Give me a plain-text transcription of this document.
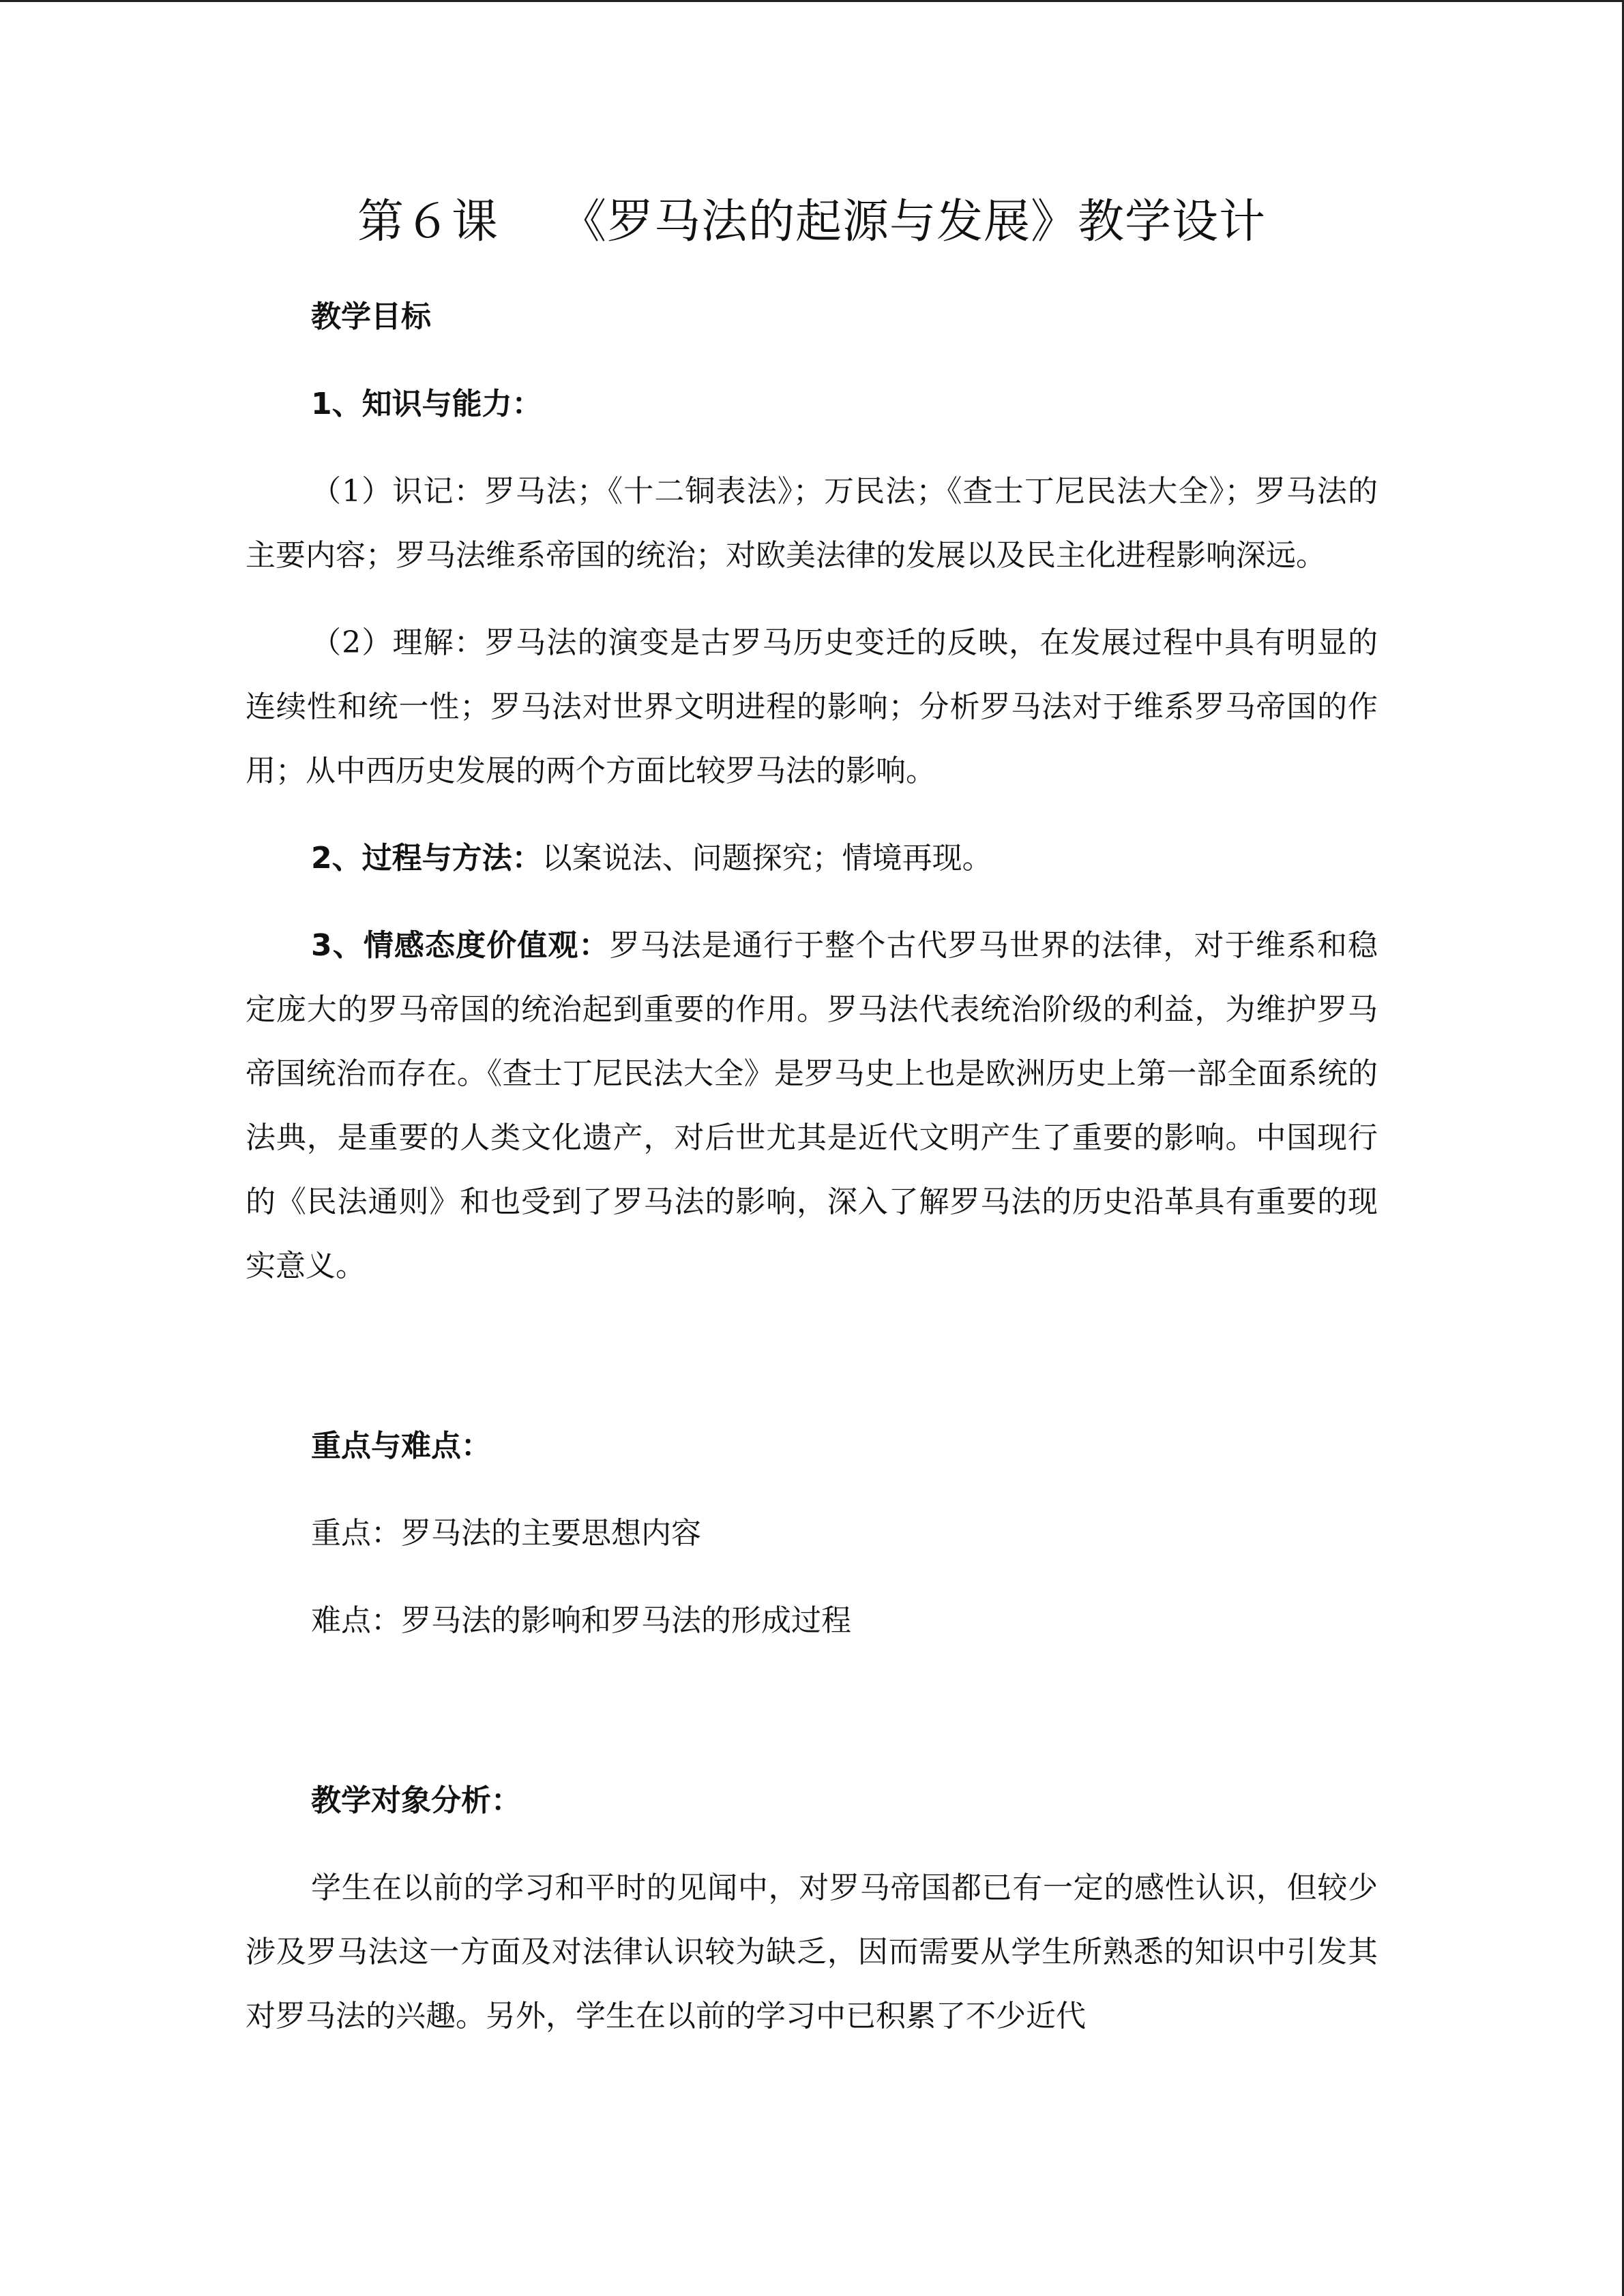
第６课 《罗马法的起源与发展》教学设计

教学目标

1、知识与能力：

（1）识记：罗马法；《十二铜表法》；万民法；《查士丁尼民法大全》；罗马法的主要内容；罗马法维系帝国的统治；对欧美法律的发展以及民主化进程影响深远。

（2）理解：罗马法的演变是古罗马历史变迁的反映，在发展过程中具有明显的连续性和统一性；罗马法对世界文明进程的影响；分析罗马法对于维系罗马帝国的作用；从中西历史发展的两个方面比较罗马法的影响。

2、过程与方法：以案说法、问题探究；情境再现。

3、情感态度价值观：罗马法是通行于整个古代罗马世界的法律，对于维系和稳定庞大的罗马帝国的统治起到重要的作用。罗马法代表统治阶级的利益，为维护罗马帝国统治而存在。《查士丁尼民法大全》是罗马史上也是欧洲历史上第一部全面系统的法典，是重要的人类文化遗产，对后世尤其是近代文明产生了重要的影响。中国现行的《民法通则》和也受到了罗马法的影响，深入了解罗马法的历史沿革具有重要的现实意义。

重点与难点：

重点：罗马法的主要思想内容

难点：罗马法的影响和罗马法的形成过程

教学对象分析：

学生在以前的学习和平时的见闻中，对罗马帝国都已有一定的感性认识，但较少涉及罗马法这一方面及对法律认识较为缺乏，因而需要从学生所熟悉的知识中引发其对罗马法的兴趣。另外，学生在以前的学习中已积累了不少近代
